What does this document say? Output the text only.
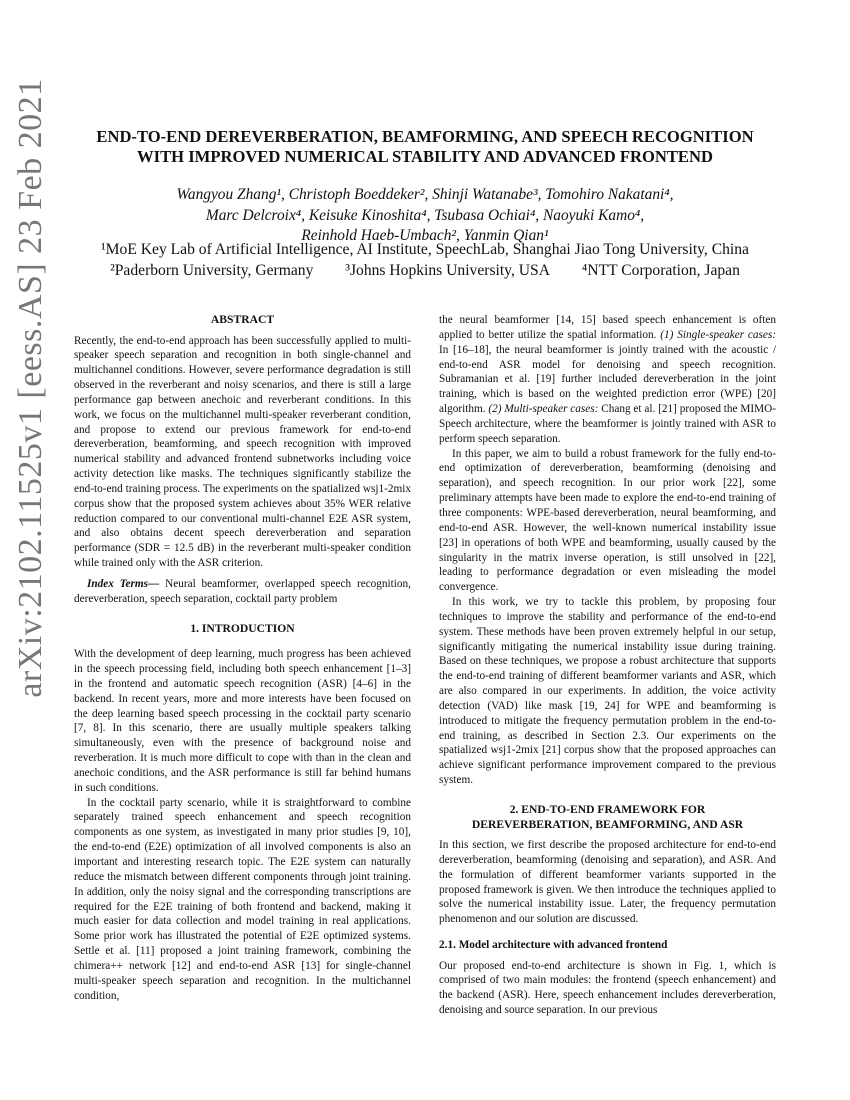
arXiv:2102.11525v1 [eess.AS] 23 Feb 2021	END-TO-END DEREVERBERATION, BEAMFORMING, AND SPEECH RECOGNITION
WITH IMPROVED NUMERICAL STABILITY AND ADVANCED FRONTEND
Wangyou Zhang¹, Christoph Boeddeker², Shinji Watanabe³, Tomohiro Nakatani⁴,
Marc Delcroix⁴, Keisuke Kinoshita⁴, Tsubasa Ochiai⁴, Naoyuki Kamo⁴,
Reinhold Haeb-Umbach², Yanmin Qian¹
¹MoE Key Lab of Artificial Intelligence, AI Institute, SpeechLab, Shanghai Jiao Tong University, China
²Paderborn University, Germany ³Johns Hopkins University, USA ⁴NTT Corporation, Japan
ABSTRACT

Recently, the end-to-end approach has been successfully applied to multi-speaker speech separation and recognition in both single-channel and multichannel conditions. However, severe performance degradation is still observed in the reverberant and noisy scenarios, and there is still a large performance gap between anechoic and reverberant conditions. In this work, we focus on the multichannel multi-speaker reverberant condition, and propose to extend our previous framework for end-to-end dereverberation, beamforming, and speech recognition with improved numerical stability and advanced frontend subnetworks including voice activity detection like masks. The techniques significantly stabilize the end-to-end training process. The experiments on the spatialized wsj1-2mix corpus show that the proposed system achieves about 35% WER relative reduction compared to our conventional multi-channel E2E ASR system, and also obtains decent speech dereverberation and separation performance (SDR = 12.5 dB) in the reverberant multi-speaker condition while trained only with the ASR criterion.

Index Terms— Neural beamformer, overlapped speech recognition, dereverberation, speech separation, cocktail party problem

1. INTRODUCTION

With the development of deep learning, much progress has been achieved in the speech processing field, including both speech enhancement [1–3] in the frontend and automatic speech recognition (ASR) [4–6] in the backend. In recent years, more and more interests have been focused on the deep learning based speech processing in the cocktail party scenario [7, 8]. In this scenario, there are usually multiple speakers talking simultaneously, even with the presence of background noise and reverberation. It is much more difficult to cope with than in the clean and anechoic conditions, and the ASR performance is still far behind humans in such conditions.

In the cocktail party scenario, while it is straightforward to combine separately trained speech enhancement and speech recognition components as one system, as investigated in many prior studies [9, 10], the end-to-end (E2E) optimization of all involved components is also an important and interesting research topic. The E2E system can naturally reduce the mismatch between different components through joint training. In addition, only the noisy signal and the corresponding transcriptions are required for the E2E training of both frontend and backend, making it much easier for data collection and model training in real applications. Some prior work has illustrated the potential of E2E optimized systems. Settle et al. [11] proposed a joint training framework, combining the chimera++ network [12] and end-to-end ASR [13] for single-channel multi-speaker speech separation and recognition. In the multichannel condition,

the neural beamformer [14, 15] based speech enhancement is often applied to better utilize the spatial information. (1) Single-speaker cases: In [16–18], the neural beamformer is jointly trained with the acoustic / end-to-end ASR model for denoising and speech recognition. Subramanian et al. [19] further included dereverberation in the joint training, which is based on the weighted prediction error (WPE) [20] algorithm. (2) Multi-speaker cases: Chang et al. [21] proposed the MIMO-Speech architecture, where the beamformer is jointly trained with ASR to perform speech separation.

In this paper, we aim to build a robust framework for the fully end-to-end optimization of dereverberation, beamforming (denoising and separation), and speech recognition. In our prior work [22], some preliminary attempts have been made to explore the end-to-end training of three components: WPE-based dereverberation, neural beamforming, and end-to-end ASR. However, the well-known numerical instability issue [23] in operations of both WPE and beamforming, usually caused by the singularity in the matrix inverse operation, is still unsolved in [22], leading to performance degradation or even misleading the model convergence.

In this work, we try to tackle this problem, by proposing four techniques to improve the stability and performance of the end-to-end system. These methods have been proven extremely helpful in our setup, significantly mitigating the numerical instability issue during training. Based on these techniques, we propose a robust architecture that supports the end-to-end training of different beamformer variants and ASR, which are also compared in our experiments. In addition, the voice activity detection (VAD) like mask [19, 24] for WPE and beamforming is introduced to mitigate the frequency permutation problem in the end-to-end training, as described in Section 2.3. Our experiments on the spatialized wsj1-2mix [21] corpus show that the proposed approaches can achieve significant performance improvement compared to the previous system.

2. END-TO-END FRAMEWORK FOR
DEREVERBERATION, BEAMFORMING, AND ASR

In this section, we first describe the proposed architecture for end-to-end dereverberation, beamforming (denoising and separation), and ASR. And the formulation of different beamformer variants supported in the proposed framework is given. We then introduce the techniques applied to solve the numerical instability issue. Later, the frequency permutation phenomenon and our solution are discussed.

2.1. Model architecture with advanced frontend

Our proposed end-to-end architecture is shown in Fig. 1, which is comprised of two main modules: the frontend (speech enhancement) and the backend (ASR). Here, speech enhancement includes dereverberation, denoising and source separation. In our previous
